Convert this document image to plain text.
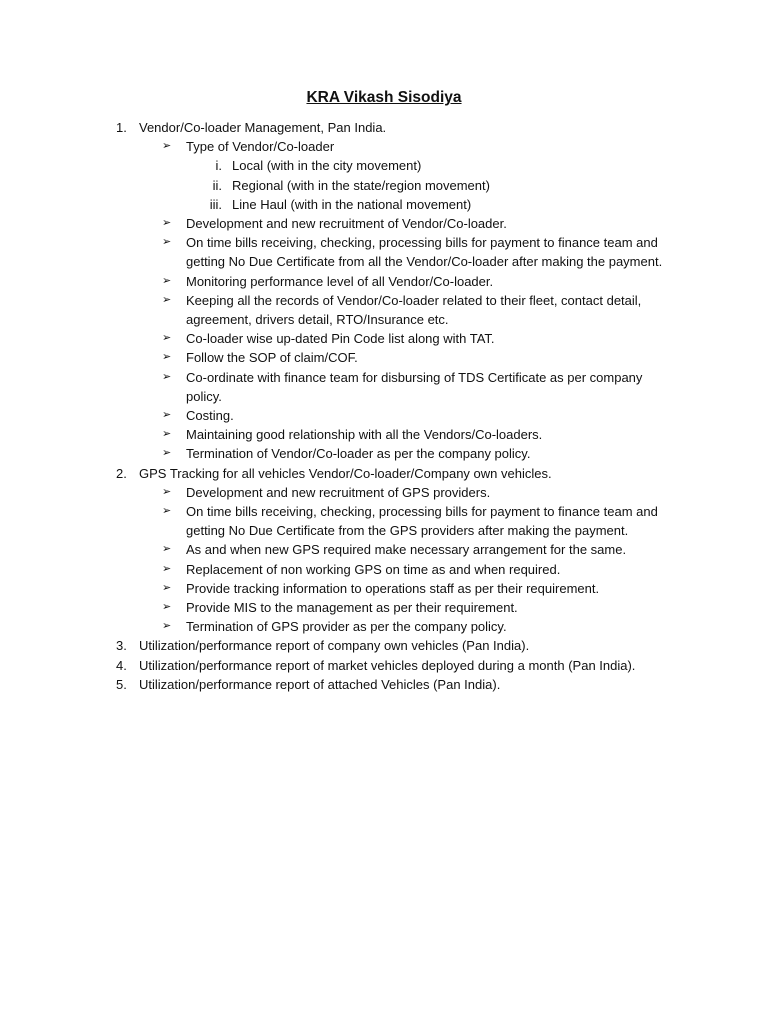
KRA Vikash Sisodiya
1. Vendor/Co-loader Management, Pan India.
➢	Type of Vendor/Co-loader
i. Local (with in the city movement)
ii. Regional (with in the state/region movement)
iii. Line Haul (with in the national movement)
➢	Development and new recruitment of Vendor/Co-loader.
➢	On time bills receiving, checking, processing bills for payment to finance team and getting No Due Certificate from all the Vendor/Co-loader after making the payment.
➢	Monitoring performance level of all Vendor/Co-loader.
➢	Keeping all the records of Vendor/Co-loader related to their fleet, contact detail, agreement, drivers detail, RTO/Insurance etc.
➢	Co-loader wise up-dated Pin Code list along with TAT.
➢	Follow the SOP of claim/COF.
➢	Co-ordinate with finance team for disbursing of TDS Certificate as per company policy.
➢	Costing.
➢	Maintaining good relationship with all the Vendors/Co-loaders.
➢	Termination of Vendor/Co-loader as per the company policy.
2. GPS Tracking for all vehicles Vendor/Co-loader/Company own vehicles.
➢	Development and new recruitment of GPS providers.
➢	On time bills receiving, checking, processing bills for payment to finance team and getting No Due Certificate from the GPS providers after making the payment.
➢	As and when new GPS required make necessary arrangement for the same.
➢	Replacement of non working GPS on time as and when required.
➢	Provide tracking information to operations staff as per their requirement.
➢	Provide MIS to the management as per their requirement.
➢	Termination of GPS provider as per the company policy.
3. Utilization/performance report of company own vehicles (Pan India).
4. Utilization/performance report of market vehicles deployed during a month (Pan India).
5. Utilization/performance report of attached Vehicles (Pan India).
